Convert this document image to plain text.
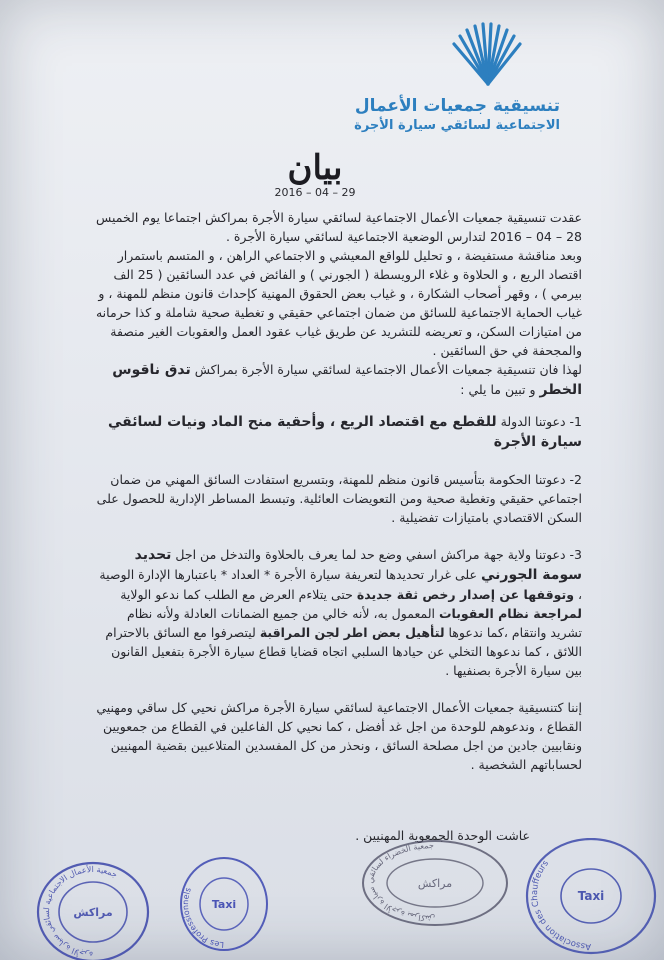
تنسيقية جمعيات الأعمال
الاجتماعية لسائقي سيارة الأجرة
بيان
2016 – 04 – 29

عقدت تنسيقية جمعيات الأعمال الاجتماعية لسائقي سيارة الأجرة بمراكش اجتماعا يوم الخميس 28 – 04 – 2016 لتدارس الوضعية الاجتماعية لسائقي سيارة الأجرة .

وبعد مناقشة مستفيضة ، و تحليل للواقع المعيشي و الاجتماعي الراهن ، و المتسم باستمرار اقتصاد الريع ، و الحلاوة و غلاء الرويسطة ( الجورني ) و الفائض في عدد السائقين ( 25 الف بيرمي ) ، وقهر أصحاب الشكارة ، و غياب بعض الحقوق المهنية كإحداث قانون منظم للمهنة ، و غياب الحماية الاجتماعية للسائق من ضمان اجتماعي حقيقي و تغطية صحية شاملة و كذا حرمانه من امتيازات السكن، و تعريضه للتشريد عن طريق غياب عقود العمل والعقوبات الغير منصفة والمجحفة في حق السائقين .

لهذا فان تنسيقية جمعيات الأعمال الاجتماعية لسائقي سيارة الأجرة بمراكش تدق ناقوس الخطر و تبين ما يلي :

1- دعوتنا الدولة للقطع مع اقتصاد الريع ، وأحقية منح الماد ونيات لسائقي سيارة الأجرة

2- دعوتنا الحكومة بتأسيس قانون منظم للمهنة، وبتسريع استفادت السائق المهني من ضمان اجتماعي حقيقي وتغطية صحية ومن التعويضات العائلية. وتبسط المساطر الإدارية للحصول على السكن الاقتصادي بامتيازات تفضيلية .

3- دعوتنا ولاية جهة مراكش اسفي وضع حد لما يعرف بالحلاوة والتدخل من اجل تحديد سومة الجورني على غرار تحديدها لتعريفة سيارة الأجرة * العداد * باعتبارها الإدارة الوصية ، وتوقفها عن إصدار رخص ثقة جديدة حتى يتلاءم العرض مع الطلب كما ندعو الولاية لمراجعة نظام العقوبات المعمول به، لأنه خالي من جميع الضمانات العادلة ولأنه نظام تشريد وانتقام ،كما ندعوها لتأهيل بعض اطر لجن المراقبة ليتصرفوا مع السائق بالاحترام اللائق ، كما ندعوها التخلي عن حيادها السلبي اتجاه قضايا قطاع سيارة الأجرة بتفعيل القانون بين سيارة الأجرة بصنفيها .

إننا كتنسيقية جمعيات الأعمال الاجتماعية لسائقي سيارة الأجرة مراكش نحيي كل ساقي ومهنيي القطاع ، وندعوهم للوحدة من اجل غد أفضل ، كما نحيي كل الفاعلين في القطاع من جمعويين ونقابيين جادين من اجل مصلحة السائق ، ونحذر من كل المفسدين المتلاعبين بقضية المهنيين لحساباتهم الشخصية .

عاشت الوحدة الجمعوية المهنيين .
جمعية الأعمال الاجتماعية لسائقي سيارة الأجرة
مراكش
Les Professionnels
Taxi
جمعية الخضراء لسائقي سيارة الأجرة بمراكش
مراكش
Association des Chauffeurs
Taxi
